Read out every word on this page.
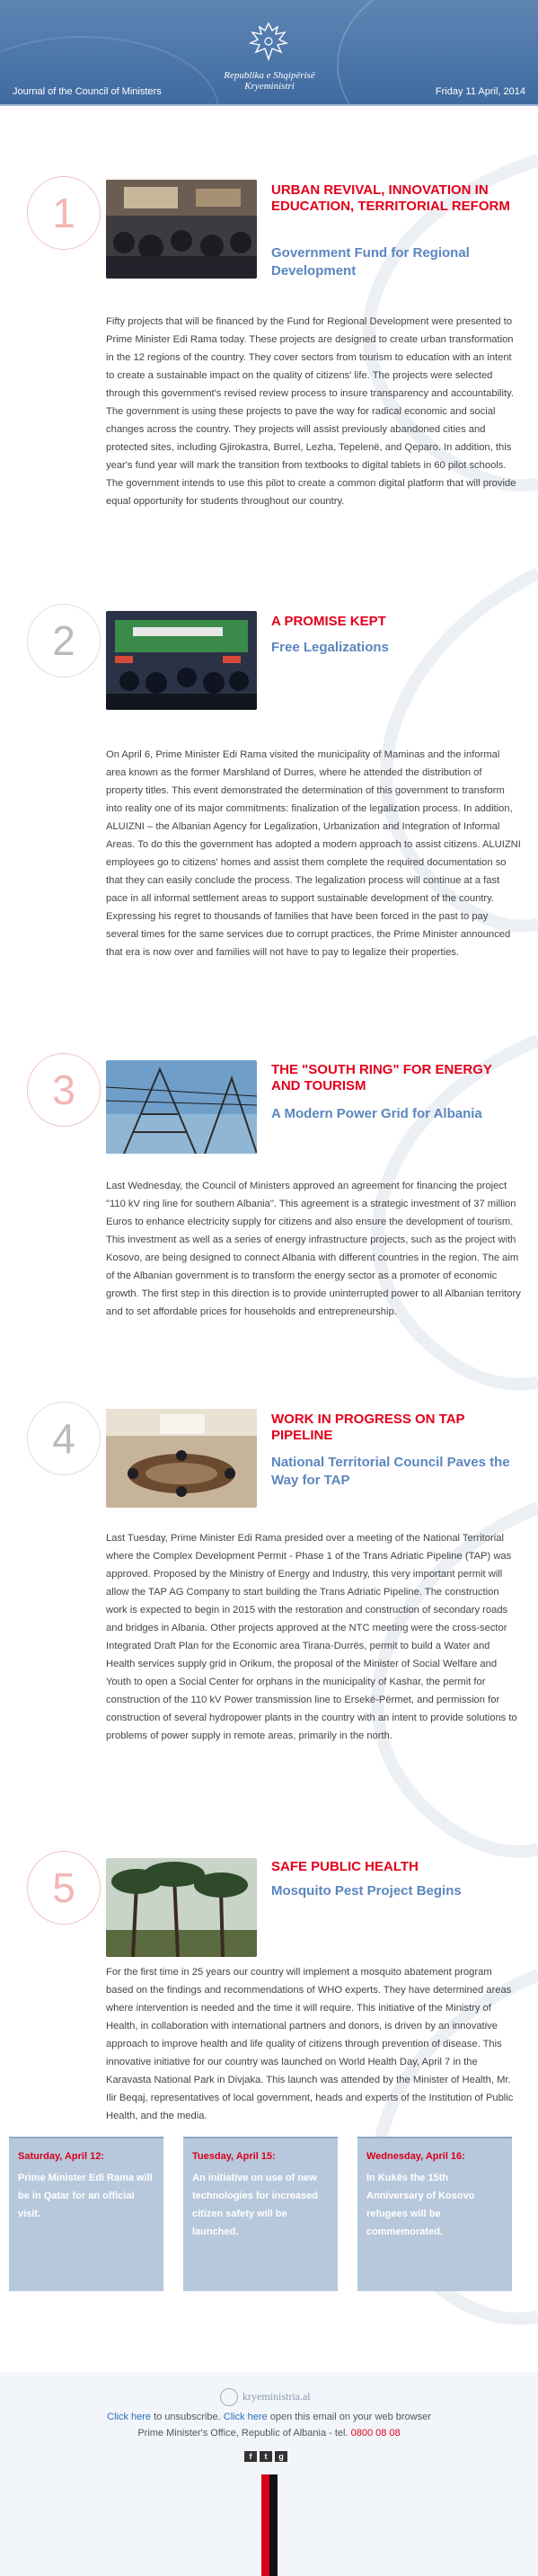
Republika e Shqipërisë
Kryeministri
Journal of the Council of Ministers	Friday 11 April, 2014
1	URBAN REVIVAL, INNOVATION IN EDUCATION, TERRITORIAL REFORM
Government Fund for Regional Development
Fifty projects that will be financed by the Fund for Regional Development were presented to Prime Minister Edi Rama today. These projects are designed to create urban transformation in the 12 regions of the country. They cover sectors from tourism to education with an intent to create a sustainable impact on the quality of citizens' life. The projects were selected through this government's revised review process to insure transparency and accountability. The government is using these projects to pave the way for radical economic and social changes across the country. They projects will assist previously abandoned cities and protected sites, including Gjirokastra, Burrel, Lezha, Tepelenë, and Qeparo. In addition, this year's fund year will mark the transition from textbooks to digital tablets in 60 pilot schools. The government intends to use this pilot to create a common digital platform that will provide equal opportunity for students throughout our country.
2	A PROMISE KEPT
Free Legalizations
On April 6, Prime Minister Edi Rama visited the municipality of Maminas and the informal area known as the former Marshland of Durres, where he attended the distribution of property titles. This event demonstrated the determination of this government to transform into reality one of its major commitments: finalization of the legalization process. In addition, ALUIZNI – the Albanian Agency for Legalization, Urbanization and Integration of Informal Areas. To do this the government has adopted a modern approach to assist citizens. ALUIZNI employees go to citizens' homes and assist them complete the required documentation so that they can easily conclude the process. The legalization process will continue at a fast pace in all informal settlement areas to support sustainable development of the country. Expressing his regret to thousands of families that have been forced in the past to pay several times for the same services due to corrupt practices, the Prime Minister announced that era is now over and families will not have to pay to legalize their properties.
3	THE "SOUTH RING" FOR ENERGY AND TOURISM
A Modern Power Grid for Albania
Last Wednesday, the Council of Ministers approved an agreement for financing the project "110 kV ring line for southern Albania". This agreement is a strategic investment of 37 million Euros to enhance electricity supply for citizens and also ensure the development of tourism. This investment as well as a series of energy infrastructure projects, such as the project with Kosovo, are being designed to connect Albania with different countries in the region. The aim of the Albanian government is to transform the energy sector as a promoter of economic growth. The first step in this direction is to provide uninterrupted power to all Albanian territory and to set affordable prices for households and entrepreneurship.
4	WORK IN PROGRESS ON TAP PIPELINE
National Territorial Council Paves the Way for TAP
Last Tuesday, Prime Minister Edi Rama presided over a meeting of the National Territorial where the Complex Development Permit - Phase 1 of the Trans Adriatic Pipeline (TAP) was approved. Proposed by the Ministry of Energy and Industry, this very important permit will allow the TAP AG Company to start building the Trans Adriatic Pipeline. The construction work is expected to begin in 2015 with the restoration and construction of secondary roads and bridges in Albania. Other projects approved at the NTC meeting were the cross-sector Integrated Draft Plan for the Economic area Tirana-Durrës, permit to build a Water and Health services supply grid in Orikum, the proposal of the Minister of Social Welfare and Youth to open a Social Center for orphans in the municipality of Kashar, the permit for construction of the 110 kV Power transmission line to Ersekë-Përmet, and permission for construction of several hydropower plants in the country with an intent to provide solutions to problems of power supply in remote areas, primarily in the north.
5	SAFE PUBLIC HEALTH
Mosquito Pest Project Begins
For the first time in 25 years our country will implement a mosquito abatement program based on the findings and recommendations of WHO experts. They have determined areas where intervention is needed and the time it will require. This initiative of the Ministry of Health, in collaboration with international partners and donors, is driven by an innovative approach to improve health and life quality of citizens through prevention of disease. This innovative initiative for our country was launched on World Health Day, April 7 in the Karavasta National Park in Divjaka. This launch was attended by the Minister of Health, Mr. Ilir Beqaj, representatives of local government, heads and experts of the Institution of Public Health, and the media.
Saturday, April 12:
Prime Minister Edi Rama will be in Qatar for an official visit.
Tuesday, April 15:
An initiative on use of new technologies for increased citizen safety will be launched.
Wednesday, April 16:
In Kukës the 15th Anniversary of Kosovo refugees will be commemorated.
kryeministria.al
Click here to unsubscribe. Click here open this email on your web browser
Prime Minister's Office, Republic of Albania - tel. 0800 08 08
f	t	g
